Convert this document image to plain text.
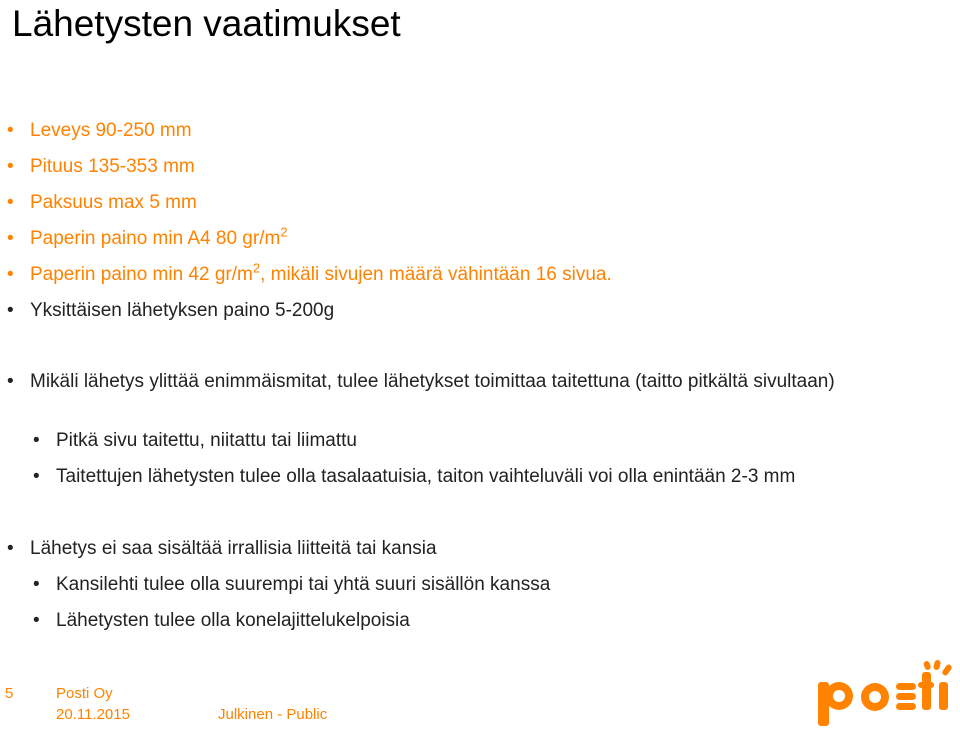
Lähetysten vaatimukset
• Leveys 90-250 mm
• Pituus 135-353 mm
• Paksuus max 5 mm
• Paperin paino min A4 80 $gr/m^2$
• Paperin paino min 42 $gr/m^2$, mikäli sivujen määrä vähintään 16 sivua.
• Yksittäisen lähetyksen paino 5-200g
• Mikäli lähetys ylittää enimmäismitat, tulee lähetykset toimittaa taitettuna (taitto pitkältä sivultaan)
• Pitkä sivu taitettu, niitattu tai liimattu
• Taitettujen lähetysten tulee olla tasalaatuisia, taiton vaihteluväli voi olla enintään 2-3 mm
• Lähetys ei saa sisältää irrallisia liitteitä tai kansia
• Kansilehti tulee olla suurempi tai yhtä suuri sisällön kanssa
• Lähetysten tulee olla konelajittelukelpoisia
5	Posti Oy
20.11.2015	Julkinen - Public
